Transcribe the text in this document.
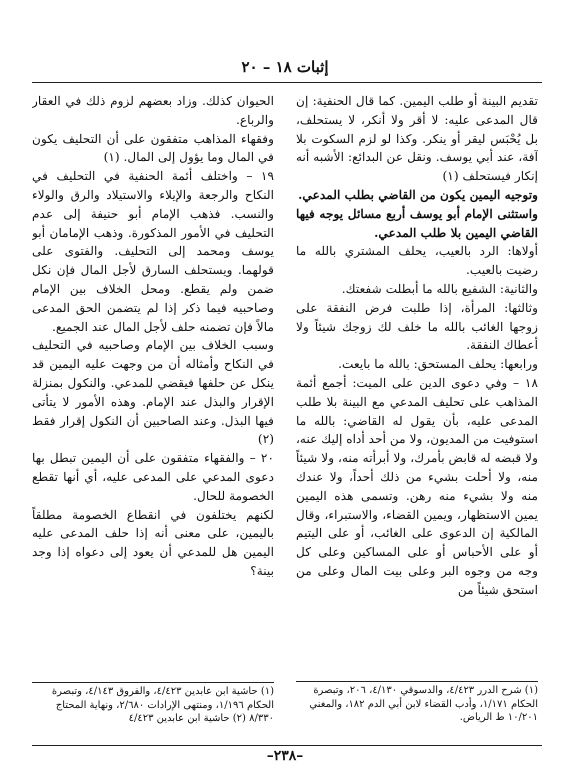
إثبات ١٨ – ٢٠

تقديم البينة أو طلب اليمين. كما قال الحنفية: إن قال المدعى عليه: لا أقر ولا أنكر، لا يستحلف، بل يُحْبَس ليقر أو ينكر. وكذا لو لزم السكوت بلا آفة، عند أبي يوسف. ونقل عن البدائع: الأشبه أنه إنكار فيستحلف (١)

وتوجيه اليمين يكون من القاضي بطلب المدعي.

واستثنى الإمام أبو يوسف أربع مسائل يوجه فيها القاضي اليمين بلا طلب المدعي.

أولاها: الرد بالعيب، يحلف المشتري بالله ما رضيت بالعيب.

والثانية: الشفيع بالله ما أبطلت شفعتك.

وثالثها: المرأة، إذا طلبت فرض النفقة على زوجها الغائب بالله ما خلف لك زوجك شيئاً ولا أعطاك النفقة.

ورابعها: يحلف المستحق: بالله ما بايعت.

١٨ – وفي دعوى الدين على الميت: أجمع أئمة المذاهب على تحليف المدعي مع البينة بلا طلب المدعى عليه، بأن يقول له القاضي: بالله ما استوفيت من المديون، ولا من أحد أداه إليك عنه، ولا قبضه له قابض بأمرك، ولا أبرأته منه، ولا شيئاً منه، ولا أحلت بشيء من ذلك أحداً، ولا عندك منه ولا بشيء منه رهن. وتسمى هذه اليمين يمين الاستظهار، ويمين القضاء، والاستبراء، وقال المالكية إن الدعوى على الغائب، أو على اليتيم أو على الأحباس أو على المساكين وعلى كل وجه من وجوه البر وعلى بيت المال وعلى من استحق شيئاً من

الحيوان كذلك. وزاد بعضهم لزوم ذلك في العقار والرباع.

وفقهاء المذاهب متفقون على أن التحليف يكون في المال وما يؤول إلى المال. (١)

١٩ – واختلف أئمة الحنفية في التحليف في النكاح والرجعة والإيلاء والاستيلاد والرق والولاء والنسب. فذهب الإمام أبو حنيفة إلى عدم التحليف في الأمور المذكورة. وذهب الإمامان أبو يوسف ومحمد إلى التحليف. والفتوى على قولهما. ويستحلف السارق لأجل المال فإن نكل ضمن ولم يقطع. ومحل الخلاف بين الإمام وصاحبيه فيما ذكر إذا لم يتضمن الحق المدعى مالاً فإن تضمنه حلف لأجل المال عند الجميع.

وسبب الخلاف بين الإمام وصاحبيه في التحليف في النكاح وأمثاله أن من وجهت عليه اليمين قد ينكل عن حلفها فيقضي للمدعي. والنكول بمنزلة الإقرار والبذل عند الإمام. وهذه الأمور لا يتأتى فيها البذل. وعند الصاحبين أن النكول إقرار فقط (٢)

٢٠ – والفقهاء متفقون على أن اليمين تبطل بها دعوى المدعي على المدعى عليه، أي أنها تقطع الخصومة للحال.

لكنهم يختلفون في انقطاع الخصومة مطلقاً باليمين، على معنى أنه إذا حلف المدعى عليه اليمين هل للمدعي أن يعود إلى دعواه إذا وجد بينة؟

(١) شرح الدرر ٤/٤٢٣، والدسوقي ٤/١٣٠، ٢٠٦، وتبصرة الحكام ١/١٧١، وأدب القضاء لابن أبي الدم ١٨٢، والمغني ١٠/٢٠١ ط الرياض.
(١) حاشية ابن عابدين ٤/٤٢٣، والفروق ٤/١٤٣، وتبصرة الحكام ١/١٩٦، ومنتهى الإرادات ٢/٦٨٠، ونهاية المحتاج ٨/٣٣٠ (٢) حاشية ابن عابدين ٤/٤٢٣
–٢٣٨–
